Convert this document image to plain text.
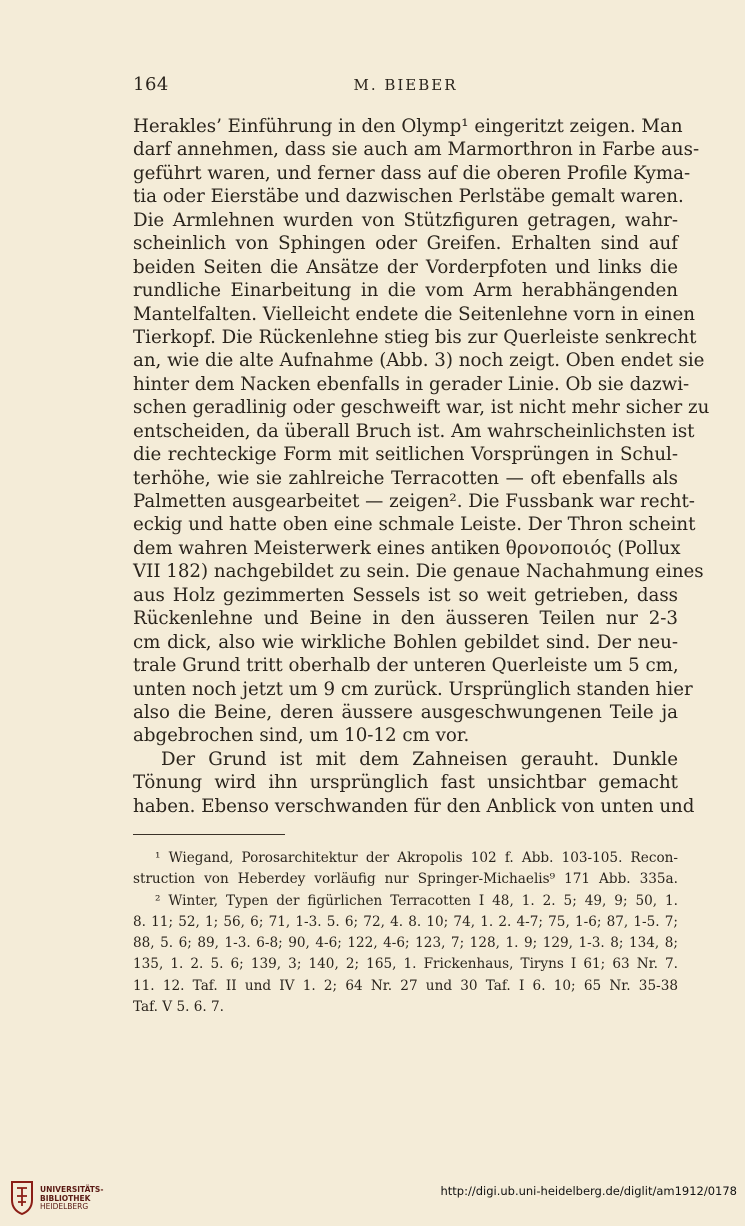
164	M. BIEBER
Herakles’ Einführung in den Olymp¹ eingeritzt zeigen. Man
darf annehmen, dass sie auch am Marmorthron in Farbe aus-
geführt waren, und ferner dass auf die oberen Profile Kyma-
tia oder Eierstäbe und dazwischen Perlstäbe gemalt waren.
Die Armlehnen wurden von Stützfiguren getragen, wahr-
scheinlich von Sphingen oder Greifen. Erhalten sind auf
beiden Seiten die Ansätze der Vorderpfoten und links die
rundliche Einarbeitung in die vom Arm herabhängenden
Mantelfalten. Vielleicht endete die Seitenlehne vorn in einen
Tierkopf. Die Rückenlehne stieg bis zur Querleiste senkrecht
an, wie die alte Aufnahme (Abb. 3) noch zeigt. Oben endet sie
hinter dem Nacken ebenfalls in gerader Linie. Ob sie dazwi-
schen geradlinig oder geschweift war, ist nicht mehr sicher zu
entscheiden, da überall Bruch ist. Am wahrscheinlichsten ist
die rechteckige Form mit seitlichen Vorsprüngen in Schul-
terhöhe, wie sie zahlreiche Terracotten — oft ebenfalls als
Palmetten ausgearbeitet — zeigen². Die Fussbank war recht-
eckig und hatte oben eine schmale Leiste. Der Thron scheint
dem wahren Meisterwerk eines antiken θρονοποιός (Pollux
VII 182) nachgebildet zu sein. Die genaue Nachahmung eines
aus Holz gezimmerten Sessels ist so weit getrieben, dass
Rückenlehne und Beine in den äusseren Teilen nur 2-3
cm dick, also wie wirkliche Bohlen gebildet sind. Der neu-
trale Grund tritt oberhalb der unteren Querleiste um 5 cm,
unten noch jetzt um 9 cm zurück. Ursprünglich standen hier
also die Beine, deren äussere ausgeschwungenen Teile ja
abgebrochen sind, um 10-12 cm vor.
Der Grund ist mit dem Zahneisen gerauht. Dunkle
Tönung wird ihn ursprünglich fast unsichtbar gemacht
haben. Ebenso verschwanden für den Anblick von unten und
¹ Wiegand, Porosarchitektur der Akropolis 102 f. Abb. 103-105. Recon-
struction von Heberdey vorläufig nur Springer-Michaelis⁹ 171 Abb. 335a.
² Winter, Typen der figürlichen Terracotten I 48, 1. 2. 5; 49, 9; 50, 1.
8. 11; 52, 1; 56, 6; 71, 1-3. 5. 6; 72, 4. 8. 10; 74, 1. 2. 4-7; 75, 1-6; 87, 1-5. 7;
88, 5. 6; 89, 1-3. 6-8; 90, 4-6; 122, 4-6; 123, 7; 128, 1. 9; 129, 1-3. 8; 134, 8;
135, 1. 2. 5. 6; 139, 3; 140, 2; 165, 1. Frickenhaus, Tiryns I 61; 63 Nr. 7.
11. 12. Taf. II und IV 1. 2; 64 Nr. 27 und 30 Taf. I 6. 10; 65 Nr. 35-38
Taf. V 5. 6. 7.
UNIVERSITÄTS-
BIBLIOTHEK
HEIDELBERG
http://digi.ub.uni-heidelberg.de/diglit/am1912/0178
